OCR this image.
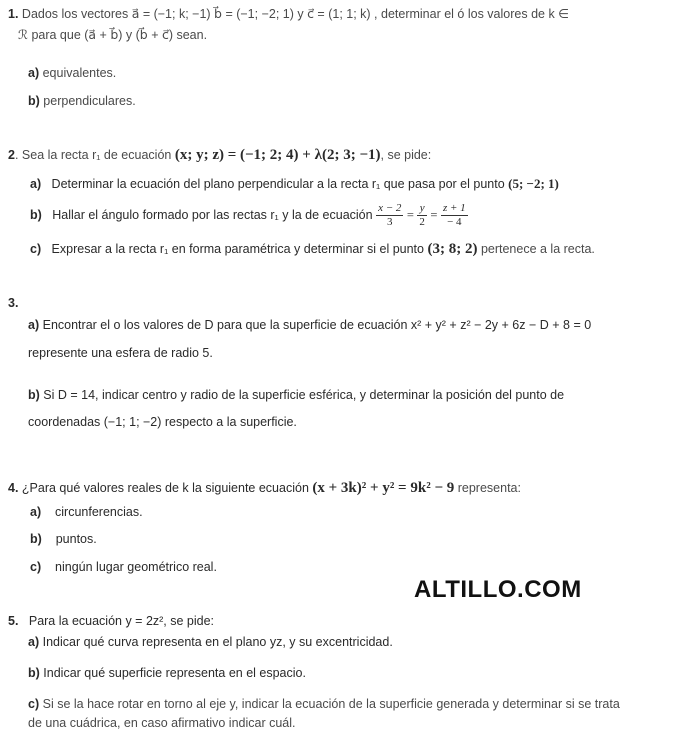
1. Dados los vectores a⃗ = (−1; k; −1) b⃗ = (−1; −2; 1) y c⃗ = (1; 1; k) , determinar el ó los valores de k ∈
ℛ para que (a⃗ + b⃗) y (b⃗ + c⃗) sean.
a) equivalentes.
b) perpendiculares.
2. Sea la recta r₁ de ecuación (x; y; z) = (−1; 2; 4) + λ(2; 3; −1), se pide:
a) Determinar la ecuación del plano perpendicular a la recta r₁ que pasa por el punto (5; −2; 1)
b) Hallar el ángulo formado por las rectas r₁ y la de ecuación $\frac{x - 2}{3} = \frac{y}{2} = \frac{z + 1}{- 4}$
c) Expresar a la recta r₁ en forma paramétrica y determinar si el punto (3; 8; 2) pertenece a la recta.
3.
a) Encontrar el o los valores de D para que la superficie de ecuación x² + y² + z² − 2y + 6z − D + 8 = 0
represente una esfera de radio 5.
b) Si D = 14, indicar centro y radio de la superficie esférica, y determinar la posición del punto de
coordenadas (−1; 1; −2) respecto a la superficie.
4. ¿Para qué valores reales de k la siguiente ecuación (x + 3k)² + y² = 9k² − 9 representa:
a) circunferencias.
b) puntos.
c) ningún lugar geométrico real.
ALTILLO.COM
5. Para la ecuación y = 2z², se pide:
a) Indicar qué curva representa en el plano yz, y su excentricidad.
b) Indicar qué superficie representa en el espacio.
c) Si se la hace rotar en torno al eje y, indicar la ecuación de la superficie generada y determinar si se trata
de una cuádrica, en caso afirmativo indicar cuál.
